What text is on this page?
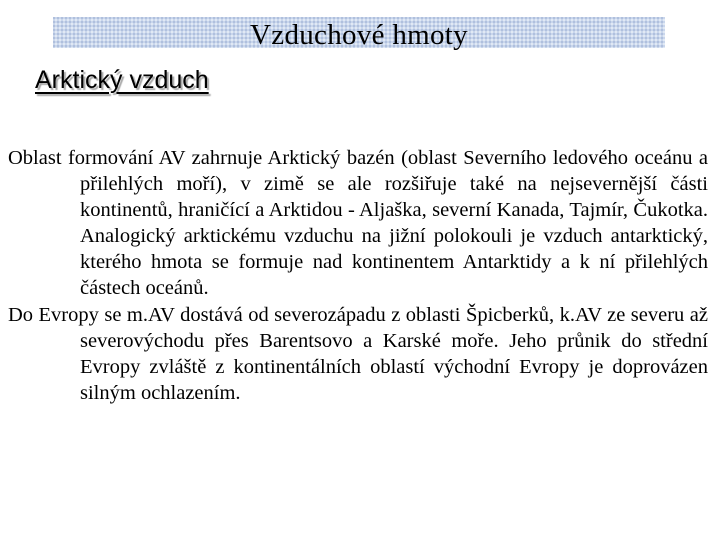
Vzduchové hmoty
Arktický vzduch

Oblast formování AV zahrnuje Arktický bazén (oblast Severního ledového oceánu a přilehlých moří), v zimě se ale rozšiřuje také na nejsevernější části kontinentů, hraničící a Arktidou - Aljaška, severní Kanada, Tajmír, Čukotka. Analogický arktickému vzduchu na jižní polokouli je vzduch antarktický, kterého hmota se formuje nad kontinentem Antarktidy a k ní přilehlých částech oceánů.

Do Evropy se m.AV dostává od severozápadu z oblasti Špicberků, k.AV ze severu až severovýchodu přes Barentsovo a Karské moře. Jeho průnik do střední Evropy zvláště z kontinentálních oblastí východní Evropy je doprovázen silným ochlazením.
